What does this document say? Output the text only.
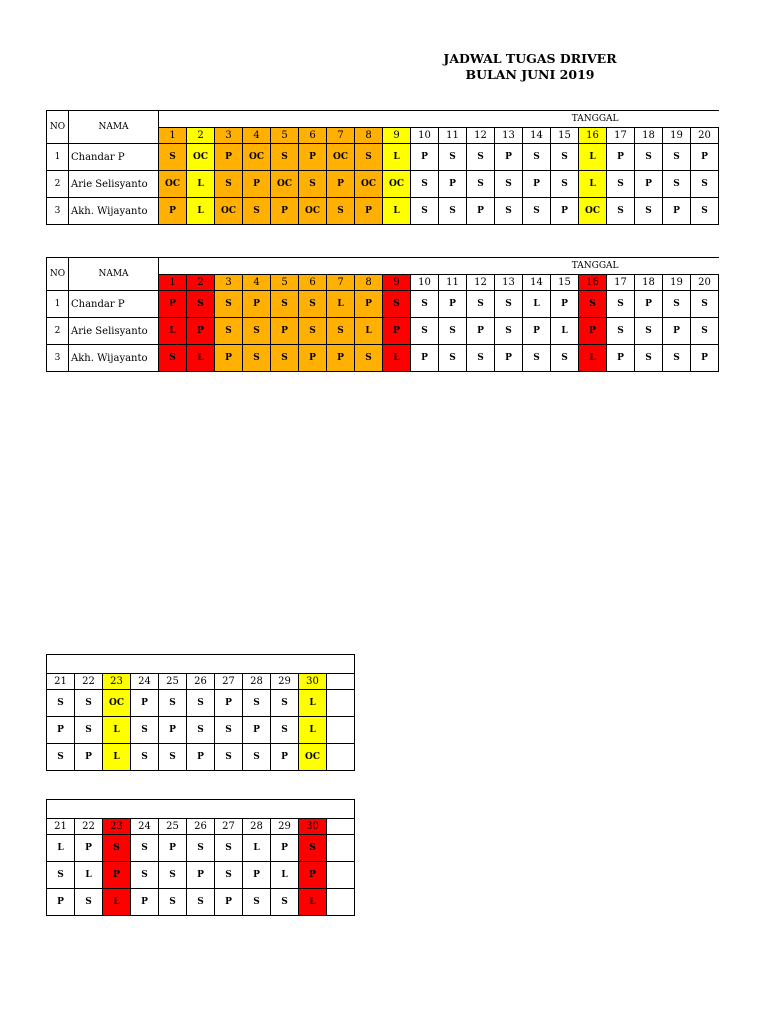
JADWAL TUGAS DRIVER
BULAN JUNI 2019
NO	NAMA	TANGGAL																			
		1	2	3	4	5	6	7	8	9	10	11	12	13	14	15	16	17	18	19	20
1	Chandar P	S	OC	P	OC	S	P	OC	S	L	P	S	S	P	S	S	L	P	S	S	P
2	Arie Selisyanto	OC	L	S	P	OC	S	P	OC	OC	S	P	S	S	P	S	L	S	P	S	S
3	Akh. Wijayanto	P	L	OC	S	P	OC	S	P	L	S	S	P	S	S	P	OC	S	S	P	S
NO	NAMA	TANGGAL																			
		1	2	3	4	5	6	7	8	9	10	11	12	13	14	15	16	17	18	19	20
1	Chandar P	P	S	S	P	S	S	L	P	S	S	P	S	S	L	P	S	S	P	S	S
2	Arie Selisyanto	L	P	S	S	P	S	S	L	P	S	S	P	S	P	L	P	S	S	P	S
3	Akh. Wijayanto	S	L	P	S	S	P	P	S	L	P	S	S	P	S	S	L	P	S	S	P

21	22	23	24	25	26	27	28	29	30	
S	S	OC	P	S	S	P	S	S	L	
P	S	L	S	P	S	S	P	S	L	
S	P	L	S	S	P	S	S	P	OC	

21	22	23	24	25	26	27	28	29	30	
L	P	S	S	P	S	S	L	P	S	
S	L	P	S	S	P	S	P	L	P	
P	S	L	P	S	S	P	S	S	L	
